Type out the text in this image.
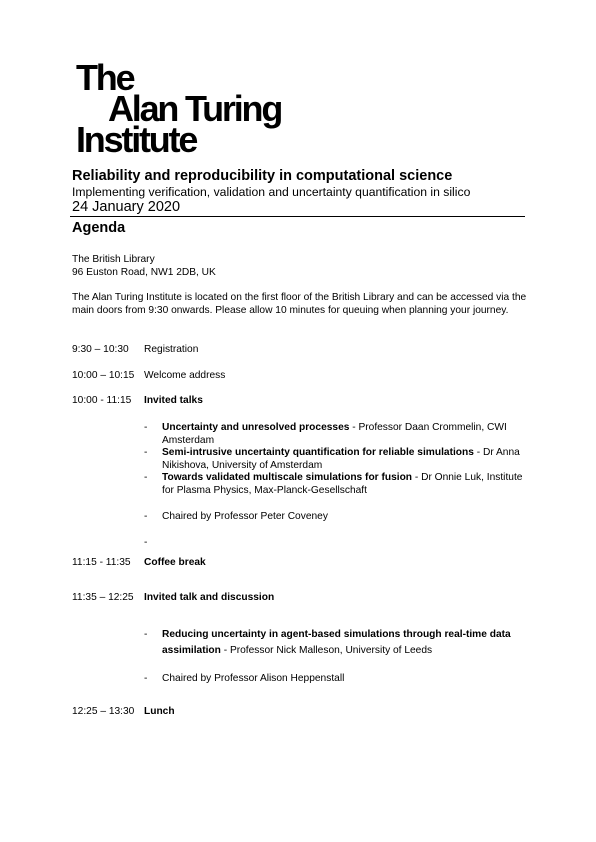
The
Alan Turing
Institute
Reliability and reproducibility in computational science
Implementing verification, validation and uncertainty quantification in silico
24 January 2020
Agenda
The British Library
96 Euston Road, NW1 2DB, UK
The Alan Turing Institute is located on the first floor of the British Library and can be accessed via the main doors from 9:30 onwards. Please allow 10 minutes for queuing when planning your journey.
9:30 – 10:30 Registration
10:00 – 10:15 Welcome address
10:00 - 11:15 Invited talks
- Uncertainty and unresolved processes - Professor Daan Crommelin, CWI Amsterdam
- Semi-intrusive uncertainty quantification for reliable simulations - Dr Anna Nikishova, University of Amsterdam
- Towards validated multiscale simulations for fusion - Dr Onnie Luk, Institute for Plasma Physics, Max-Planck-Gesellschaft
- Chaired by Professor Peter Coveney
-
11:15 - 11:35 Coffee break
11:35 – 12:25 Invited talk and discussion
- Reducing uncertainty in agent-based simulations through real-time data assimilation - Professor Nick Malleson, University of Leeds
- Chaired by Professor Alison Heppenstall
12:25 – 13:30 Lunch
